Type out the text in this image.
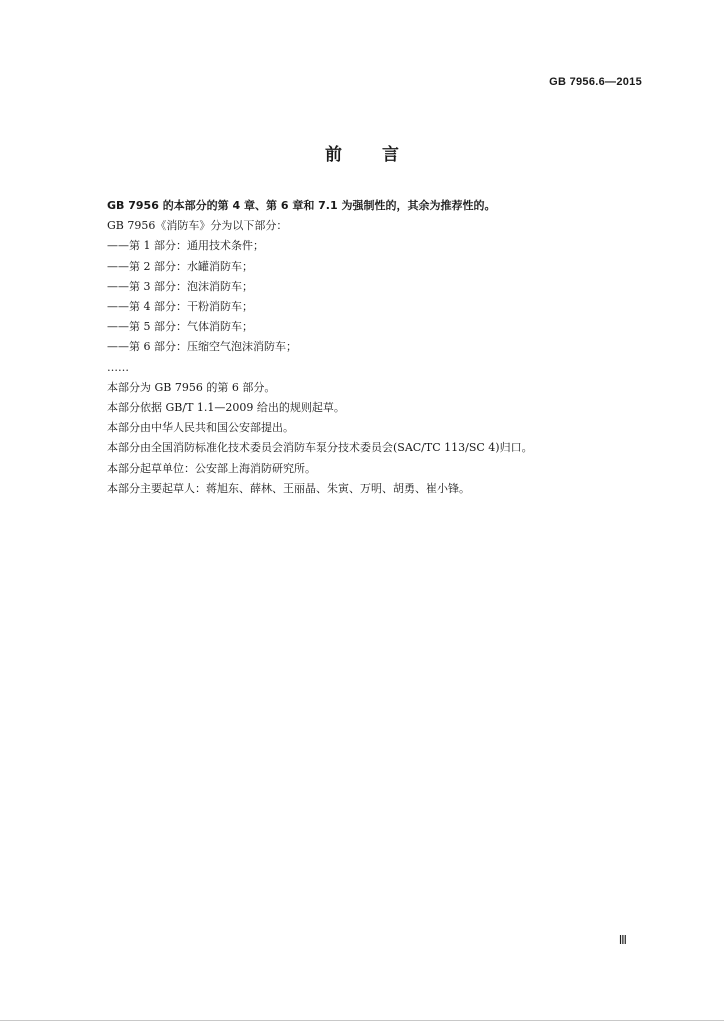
GB 7956.6—2015
前 言
GB 7956 的本部分的第 4 章、第 6 章和 7.1 为强制性的，其余为推荐性的。
GB 7956《消防车》分为以下部分：
——第 1 部分：通用技术条件；
——第 2 部分：水罐消防车；
——第 3 部分：泡沫消防车；
——第 4 部分：干粉消防车；
——第 5 部分：气体消防车；
——第 6 部分：压缩空气泡沫消防车；
……
本部分为 GB 7956 的第 6 部分。
本部分依据 GB/T 1.1—2009 给出的规则起草。
本部分由中华人民共和国公安部提出。
本部分由全国消防标准化技术委员会消防车泵分技术委员会(SAC/TC 113/SC 4)归口。
本部分起草单位：公安部上海消防研究所。
本部分主要起草人：蒋旭东、薛林、王丽晶、朱寅、万明、胡勇、崔小锋。
Ⅲ
